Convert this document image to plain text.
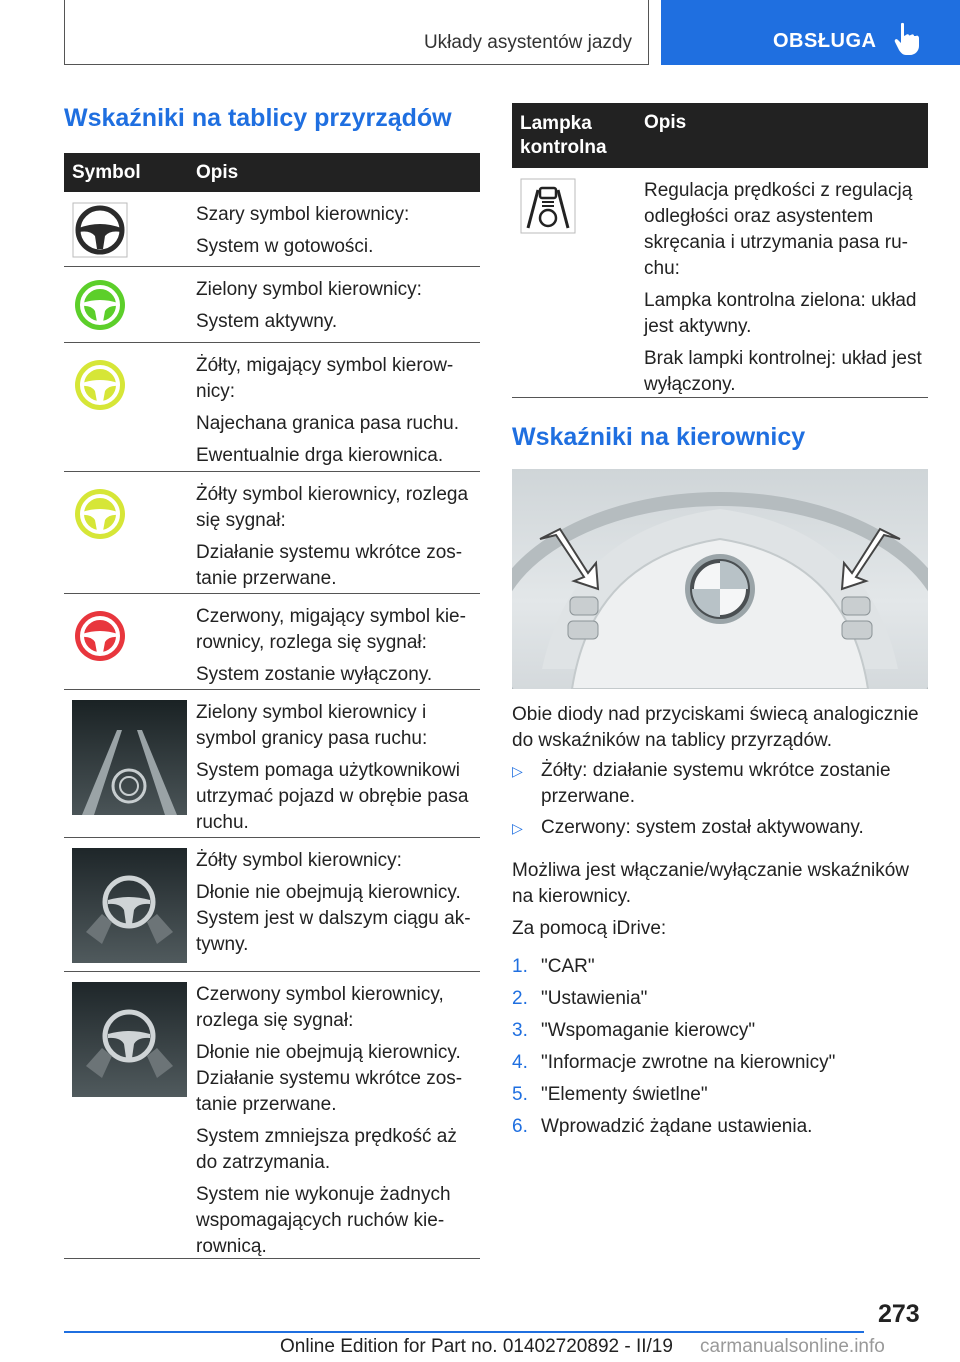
Układy asystentów jazdy	OBSŁUGA
Wskaźniki na tablicy przyrządów
Symbol	Opis

Szary symbol kierownicy:

System w gotowości.

Zielony symbol kierownicy:

System aktywny.

Żółty, migający symbol kierow-nicy:

Najechana granica pasa ruchu.

Ewentualnie drga kierownica.

Żółty symbol kierownicy, rozlega się sygnał:

Działanie systemu wkrótce zos-tanie przerwane.

Czerwony, migający symbol kie-rownicy, rozlega się sygnał:

System zostanie wyłączony.

Zielony symbol kierownicy i symbol granicy pasa ruchu:

System pomaga użytkownikowi utrzymać pojazd w obrębie pasa ruchu.

Żółty symbol kierownicy:

Dłonie nie obejmują kierownicy. System jest w dalszym ciągu ak-tywny.

Czerwony symbol kierownicy, rozlega się sygnał:

Dłonie nie obejmują kierownicy. Działanie systemu wkrótce zos-tanie przerwane.

System zmniejsza prędkość aż do zatrzymania.

System nie wykonuje żadnych wspomagających ruchów kie-rownicą.

Lampka kontrolna
Opis

Regulacja prędkości z regulacją odległości oraz asystentem skręcania i utrzymania pasa ru-chu:

Lampka kontrolna zielona: układ jest aktywny.

Brak lampki kontrolnej: układ jest wyłączony.

Wskaźniki na kierownicy
Obie diody nad przyciskami świecą analogicznie do wskaźników na tablicy przyrządów.
▷ Żółty: działanie systemu wkrótce zostanie przerwane.
▷ Czerwony: system został aktywowany.
Możliwa jest włączanie/wyłączanie wskaźników na kierownicy.
Za pomocą iDrive:
1. "CAR"
2. "Ustawienia"
3. "Wspomaganie kierowcy"
4. "Informacje zwrotne na kierownicy"
5. "Elementy świetlne"
6. Wprowadzić żądane ustawienia.
273
Online Edition for Part no. 01402720892 - II/19 carmanualsonline.info
